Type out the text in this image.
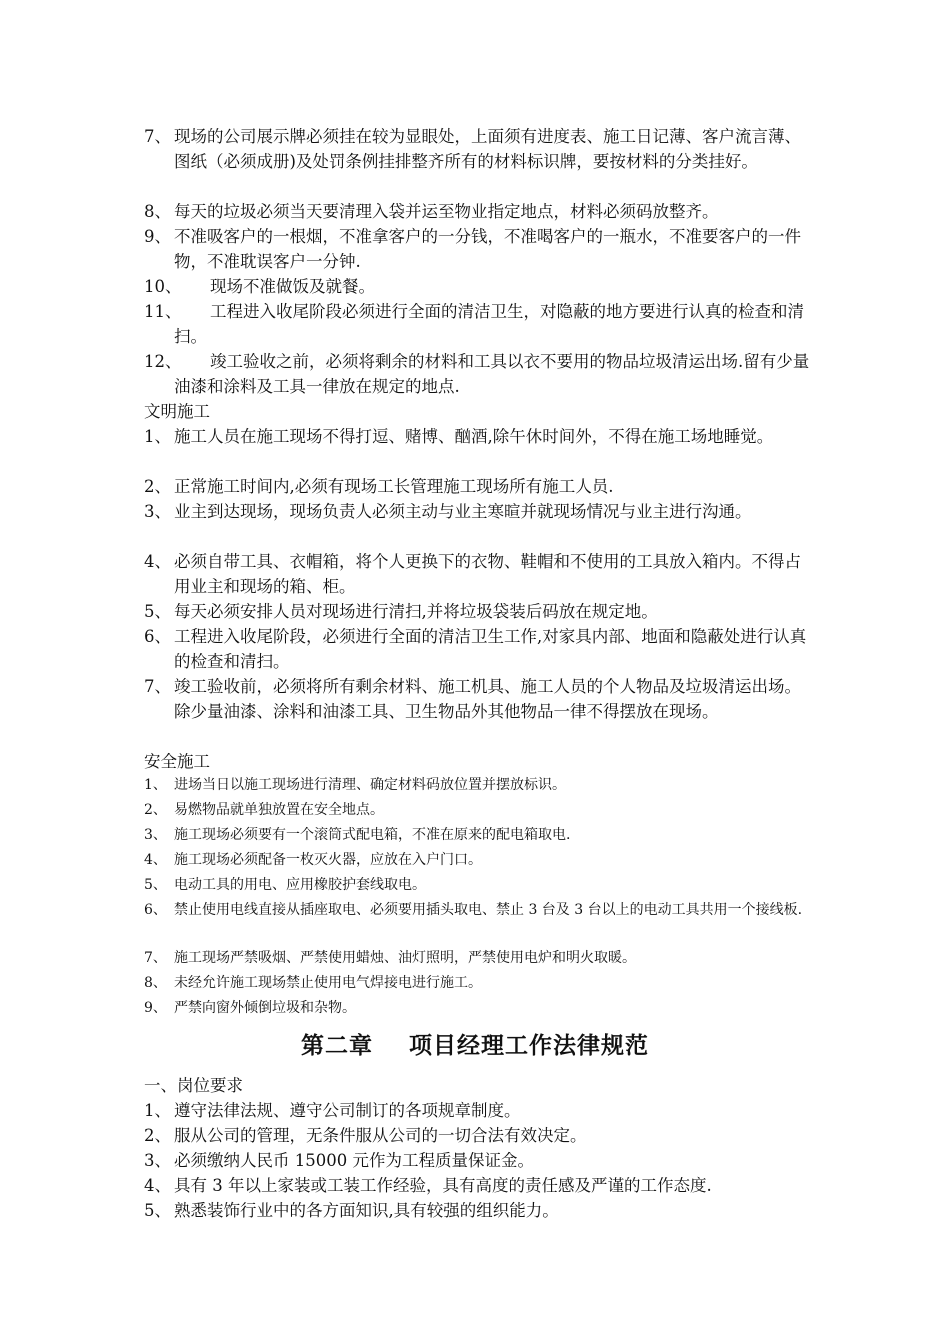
7、 现场的公司展示牌必须挂在较为显眼处，上面须有进度表、施工日记薄、客户流言薄、图纸（必须成册)及处罚条例挂排整齐所有的材料标识牌，要按材料的分类挂好。
8、 每天的垃圾必须当天要清理入袋并运至物业指定地点，材料必须码放整齐。
9、 不准吸客户的一根烟，不准拿客户的一分钱，不准喝客户的一瓶水，不准要客户的一件物，不准耽误客户一分钟.
10、	现场不准做饭及就餐。
11、	工程进入收尾阶段必须进行全面的清洁卫生，对隐蔽的地方要进行认真的检查和清扫。
12、	竣工验收之前，必须将剩余的材料和工具以衣不要用的物品垃圾清运出场.留有少量油漆和涂料及工具一律放在规定的地点.
文明施工
1、 施工人员在施工现场不得打逗、赌博、酗酒,除午休时间外，不得在施工场地睡觉。
2、 正常施工时间内,必须有现场工长管理施工现场所有施工人员.
3、 业主到达现场，现场负责人必须主动与业主寒暄并就现场情况与业主进行沟通。
4、 必须自带工具、衣帽箱，将个人更换下的衣物、鞋帽和不使用的工具放入箱内。不得占用业主和现场的箱、柜。
5、 每天必须安排人员对现场进行清扫,并将垃圾袋装后码放在规定地。
6、 工程进入收尾阶段，必须进行全面的清洁卫生工作,对家具内部、地面和隐蔽处进行认真的检查和清扫。
7、 竣工验收前，必须将所有剩余材料、施工机具、施工人员的个人物品及垃圾清运出场。除少量油漆、涂料和油漆工具、卫生物品外其他物品一律不得摆放在现场。
安全施工
1、 进场当日以施工现场进行清理、确定材料码放位置并摆放标识。
2、 易燃物品就单独放置在安全地点。
3、 施工现场必须要有一个滚筒式配电箱，不准在原来的配电箱取电.
4、 施工现场必须配备一枚灭火器，应放在入户门口。
5、 电动工具的用电、应用橡胶护套线取电。
6、 禁止使用电线直接从插座取电、必须要用插头取电、禁止 3 台及 3 台以上的电动工具共用一个接线板.
7、 施工现场严禁吸烟、严禁使用蜡烛、油灯照明，严禁使用电炉和明火取暖。
8、 未经允许施工现场禁止使用电气焊接电进行施工。
9、 严禁向窗外倾倒垃圾和杂物。
第二章    项目经理工作法律规范
一、岗位要求
1、 遵守法律法规、遵守公司制订的各项规章制度。
2、 服从公司的管理，无条件服从公司的一切合法有效决定。
3、 必须缴纳人民币 15000 元作为工程质量保证金。
4、 具有 3 年以上家装或工装工作经验，具有高度的责任感及严谨的工作态度.
5、 熟悉装饰行业中的各方面知识,具有较强的组织能力。
